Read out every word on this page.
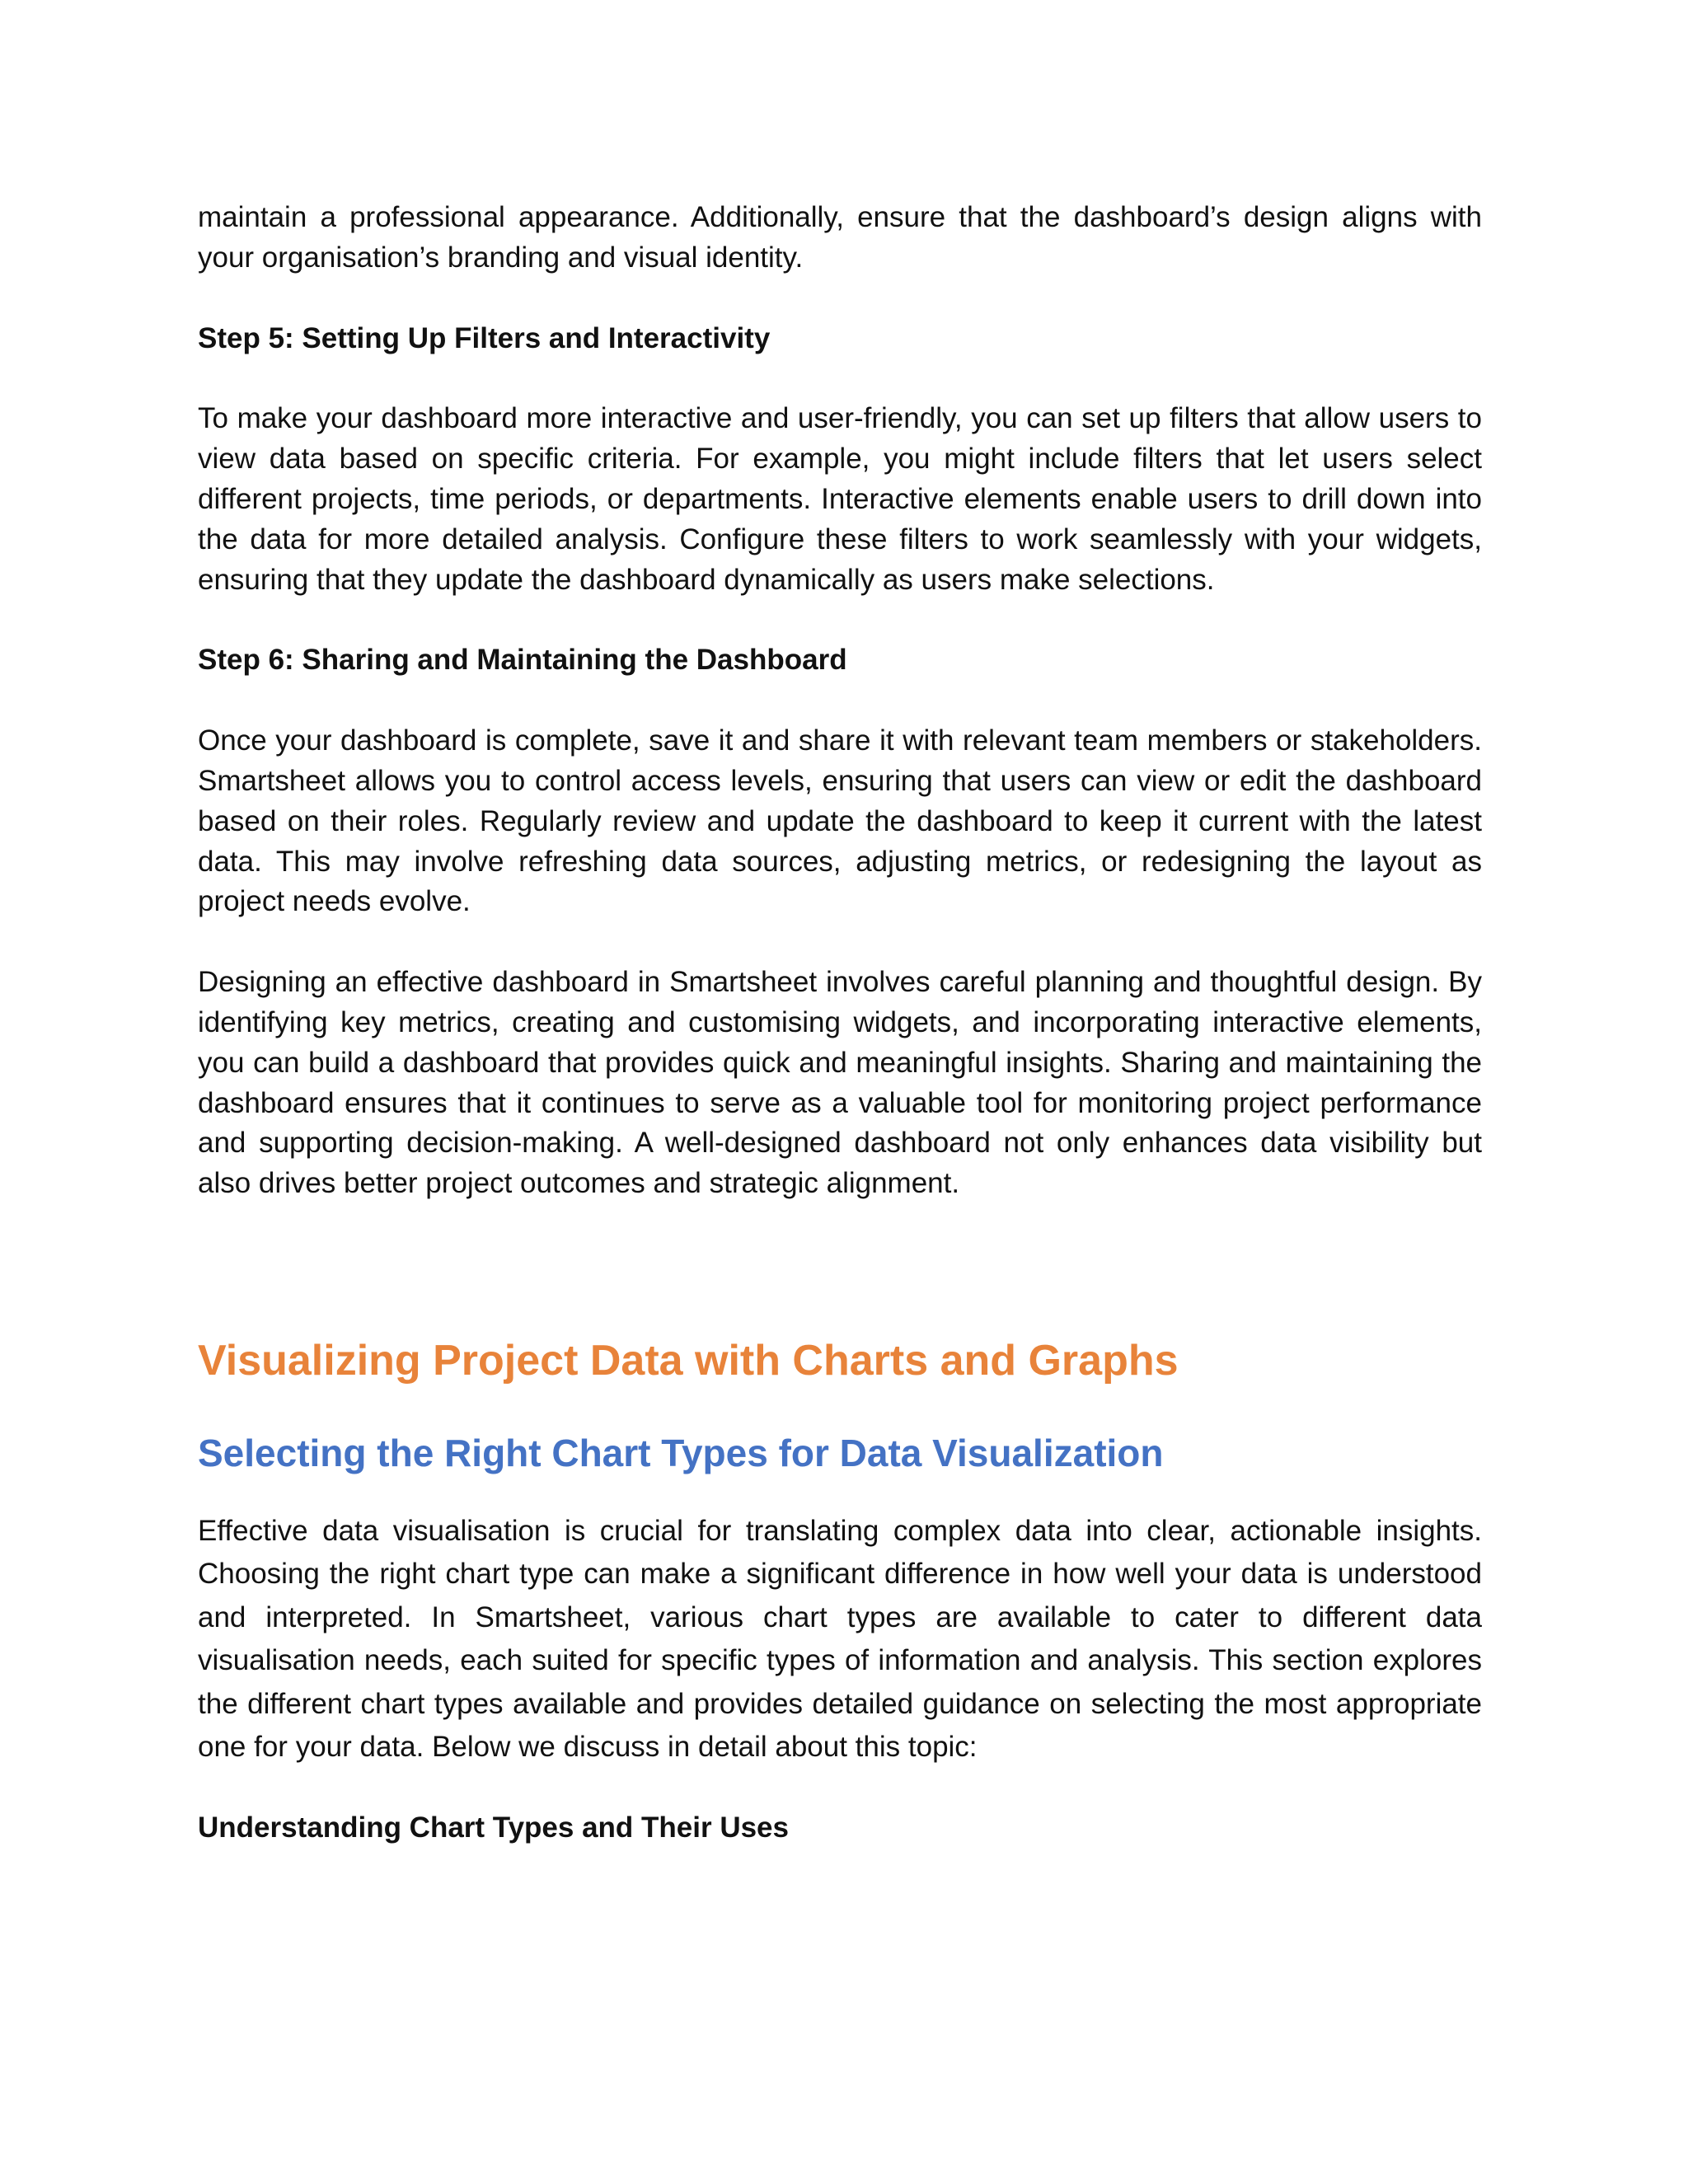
maintain a professional appearance. Additionally, ensure that the dashboard’s design aligns with your organisation’s branding and visual identity.

Step 5: Setting Up Filters and Interactivity

To make your dashboard more interactive and user-friendly, you can set up filters that allow users to view data based on specific criteria. For example, you might include filters that let users select different projects, time periods, or departments. Interactive elements enable users to drill down into the data for more detailed analysis. Configure these filters to work seamlessly with your widgets, ensuring that they update the dashboard dynamically as users make selections.

Step 6: Sharing and Maintaining the Dashboard

Once your dashboard is complete, save it and share it with relevant team members or stakeholders. Smartsheet allows you to control access levels, ensuring that users can view or edit the dashboard based on their roles. Regularly review and update the dashboard to keep it current with the latest data. This may involve refreshing data sources, adjusting metrics, or redesigning the layout as project needs evolve.

Designing an effective dashboard in Smartsheet involves careful planning and thoughtful design. By identifying key metrics, creating and customising widgets, and incorporating interactive elements, you can build a dashboard that provides quick and meaningful insights. Sharing and maintaining the dashboard ensures that it continues to serve as a valuable tool for monitoring project performance and supporting decision-making. A well-designed dashboard not only enhances data visibility but also drives better project outcomes and strategic alignment.

Visualizing Project Data with Charts and Graphs
Selecting the Right Chart Types for Data Visualization

Effective data visualisation is crucial for translating complex data into clear, actionable insights. Choosing the right chart type can make a significant difference in how well your data is understood and interpreted. In Smartsheet, various chart types are available to cater to different data visualisation needs, each suited for specific types of information and analysis. This section explores the different chart types available and provides detailed guidance on selecting the most appropriate one for your data. Below we discuss in detail about this topic:

Understanding Chart Types and Their Uses
